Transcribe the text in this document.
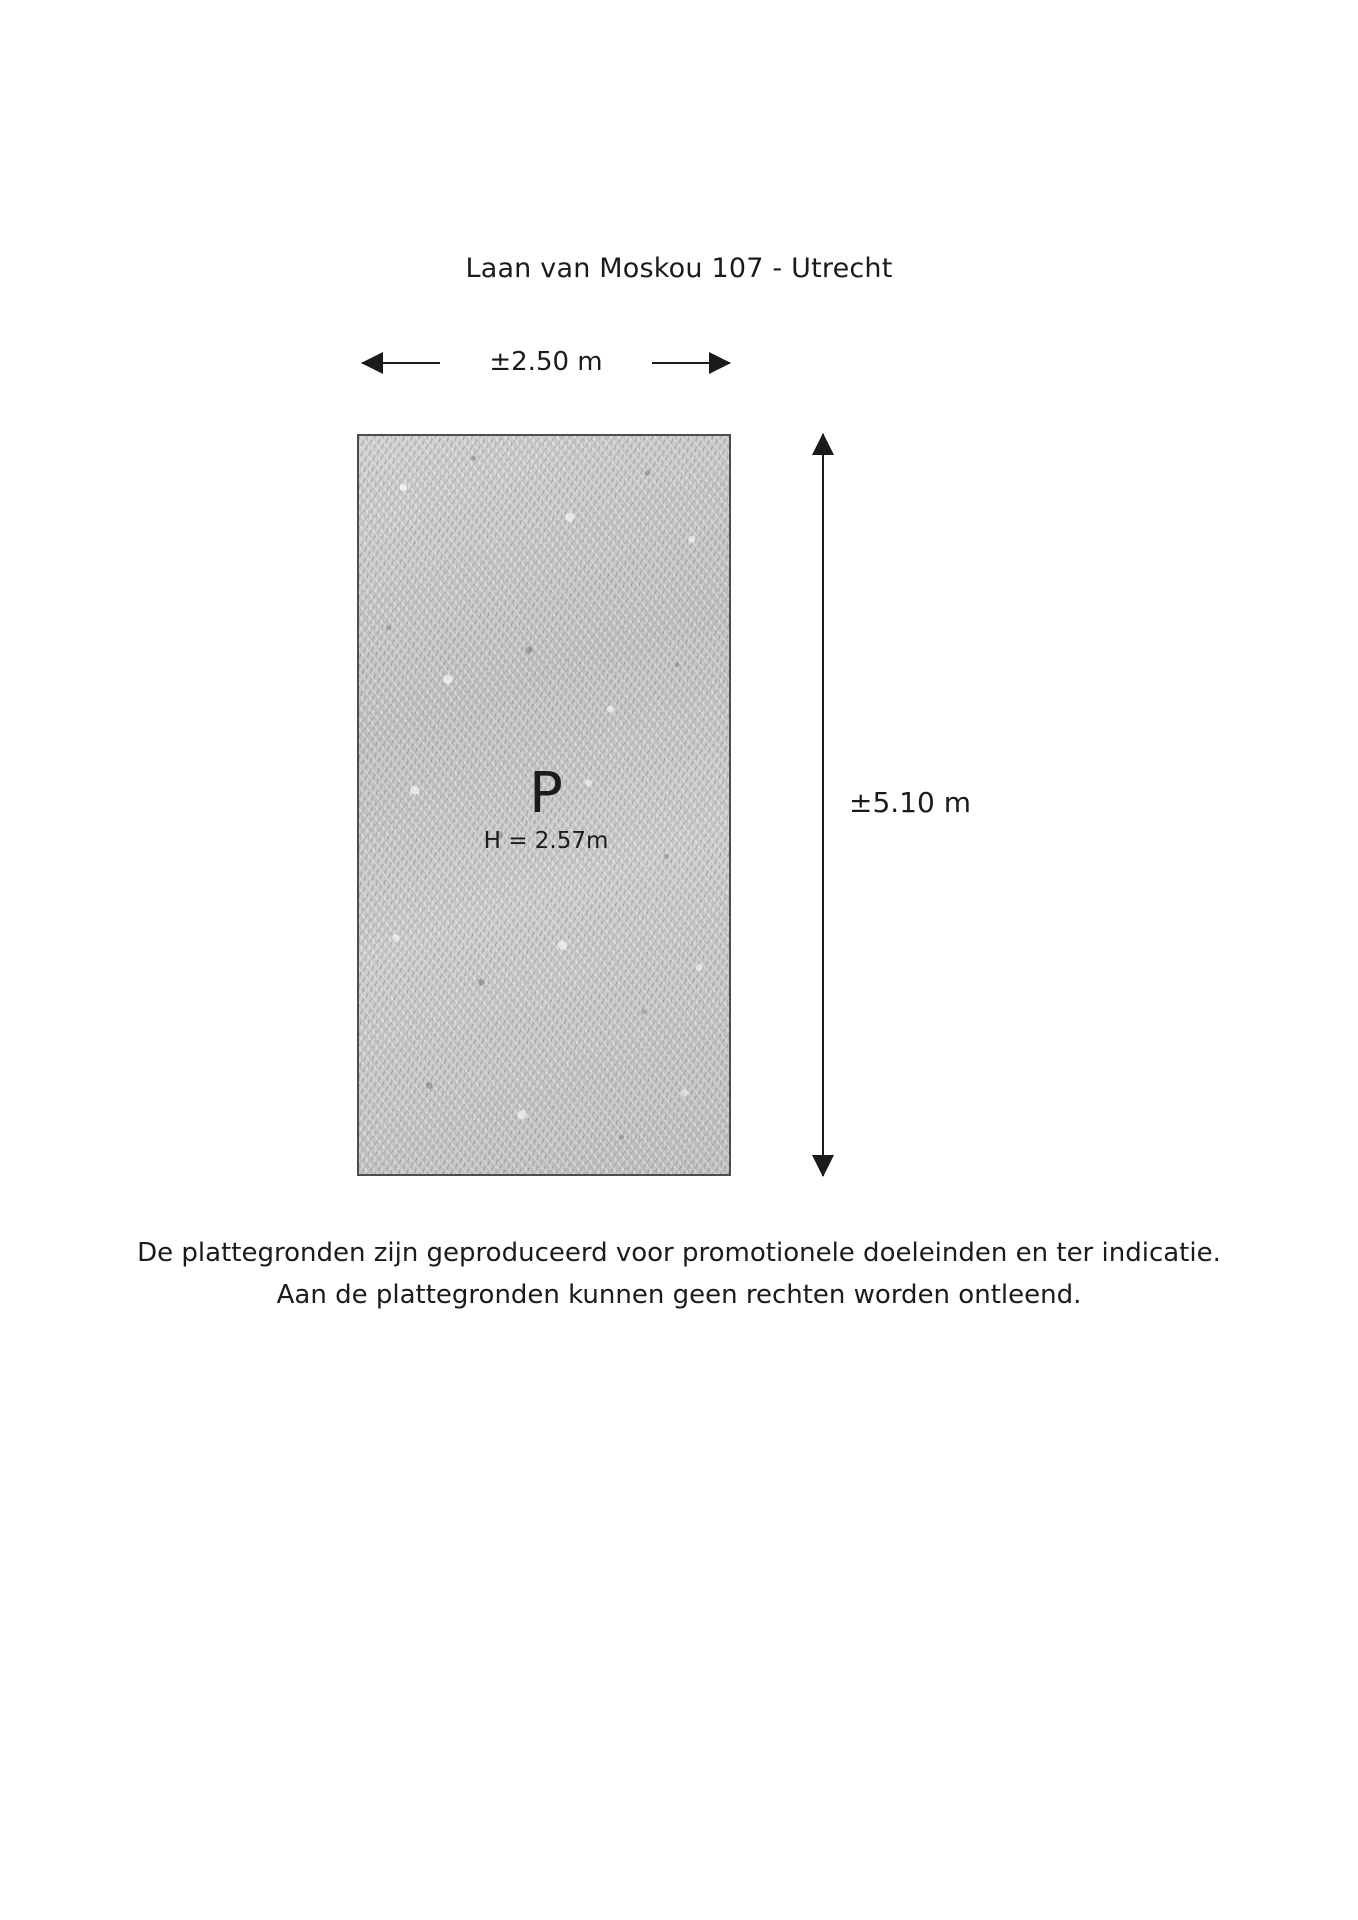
Laan van Moskou 107 - Utrecht
±2.50 m
P
H = 2.57m
±5.10 m
De plattegronden zijn geproduceerd voor promotionele doeleinden en ter indicatie.
Aan de plattegronden kunnen geen rechten worden ontleend.
